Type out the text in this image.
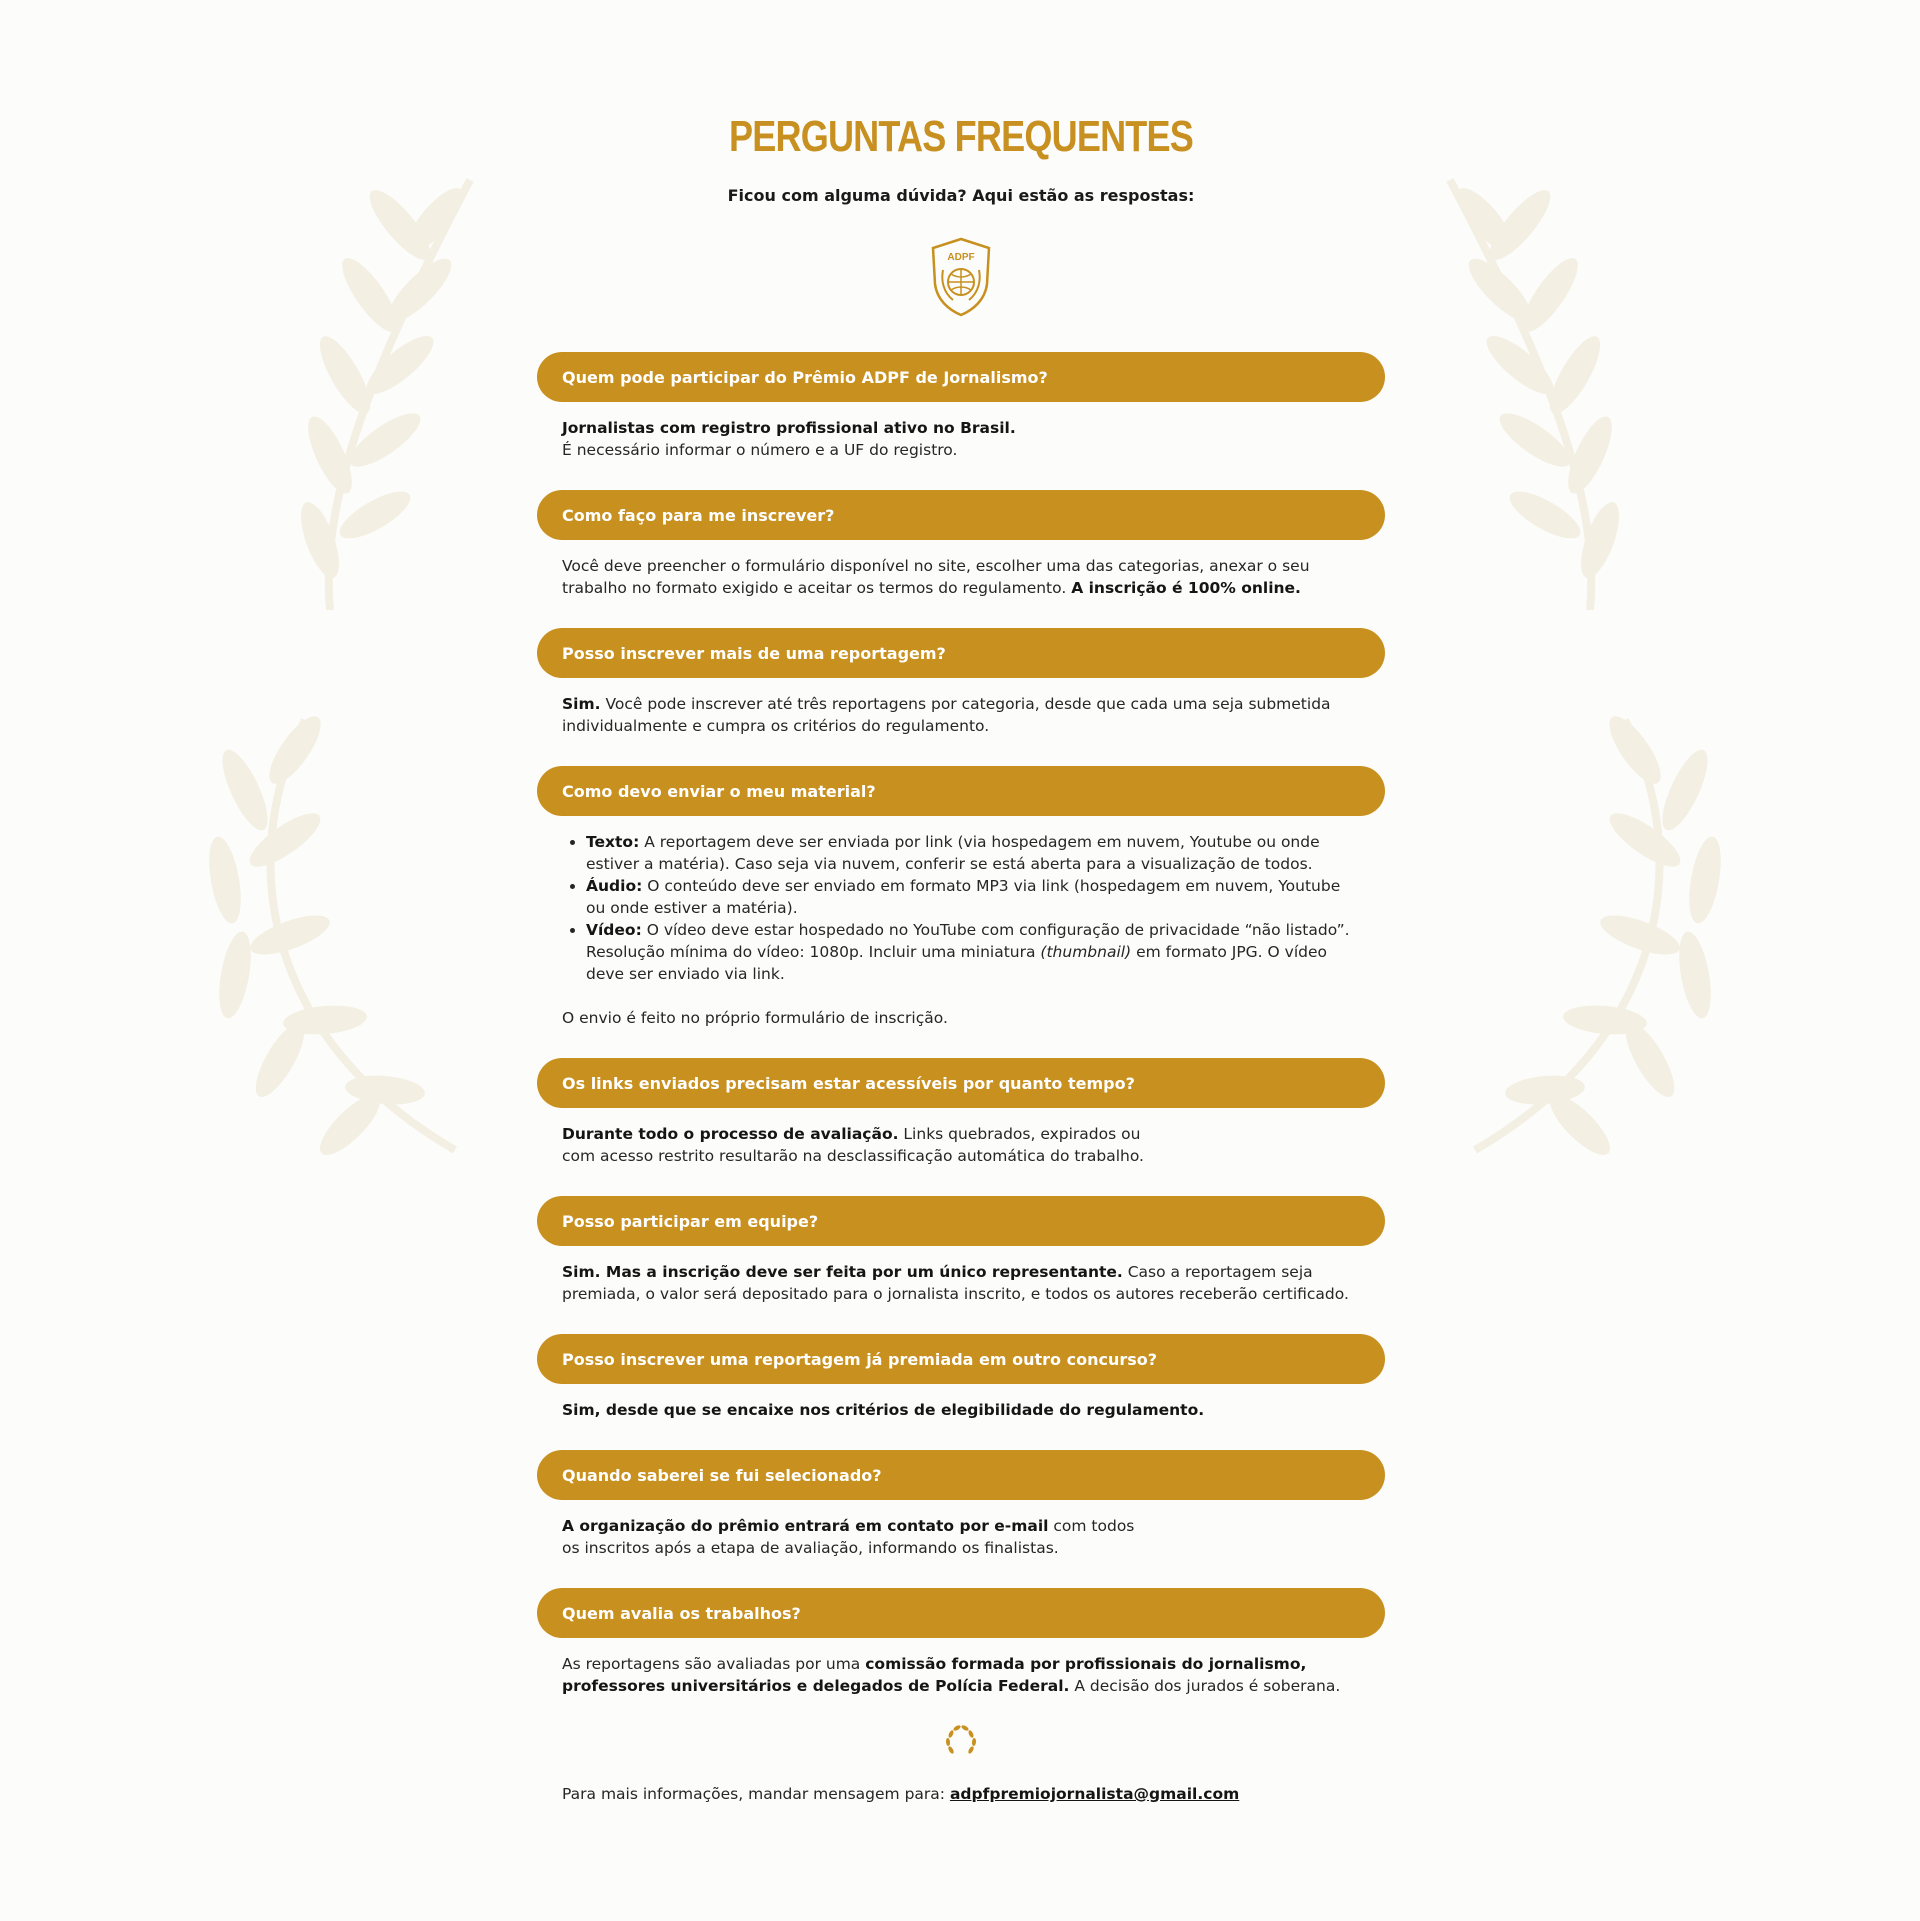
PERGUNTAS FREQUENTES
Ficou com alguma dúvida? Aqui estão as respostas:
ADPF
Quem pode participar do Prêmio ADPF de Jornalismo?
Jornalistas com registro profissional ativo no Brasil.
É necessário informar o número e a UF do registro.
Como faço para me inscrever?
Você deve preencher o formulário disponível no site, escolher uma das categorias, anexar o seu trabalho no formato exigido e aceitar os termos do regulamento. A inscrição é 100% online.
Posso inscrever mais de uma reportagem?
Sim. Você pode inscrever até três reportagens por categoria, desde que cada uma seja submetida individualmente e cumpra os critérios do regulamento.
Como devo enviar o meu material?
• Texto: A reportagem deve ser enviada por link (via hospedagem em nuvem, Youtube ou onde estiver a matéria). Caso seja via nuvem, conferir se está aberta para a visualização de todos.
• Áudio: O conteúdo deve ser enviado em formato MP3 via link (hospedagem em nuvem, Youtube ou onde estiver a matéria).
• Vídeo: O vídeo deve estar hospedado no YouTube com configuração de privacidade “não listado”. Resolução mínima do vídeo: 1080p. Incluir uma miniatura (thumbnail) em formato JPG. O vídeo deve ser enviado via link.
O envio é feito no próprio formulário de inscrição.
Os links enviados precisam estar acessíveis por quanto tempo?
Durante todo o processo de avaliação. Links quebrados, expirados ou
com acesso restrito resultarão na desclassificação automática do trabalho.
Posso participar em equipe?
Sim. Mas a inscrição deve ser feita por um único representante. Caso a reportagem seja premiada, o valor será depositado para o jornalista inscrito, e todos os autores receberão certificado.
Posso inscrever uma reportagem já premiada em outro concurso?
Sim, desde que se encaixe nos critérios de elegibilidade do regulamento.
Quando saberei se fui selecionado?
A organização do prêmio entrará em contato por e-mail com todos
os inscritos após a etapa de avaliação, informando os finalistas.
Quem avalia os trabalhos?
As reportagens são avaliadas por uma comissão formada por profissionais do jornalismo, professores universitários e delegados de Polícia Federal. A decisão dos jurados é soberana.
Para mais informações, mandar mensagem para: adpfpremiojornalista@gmail.com
